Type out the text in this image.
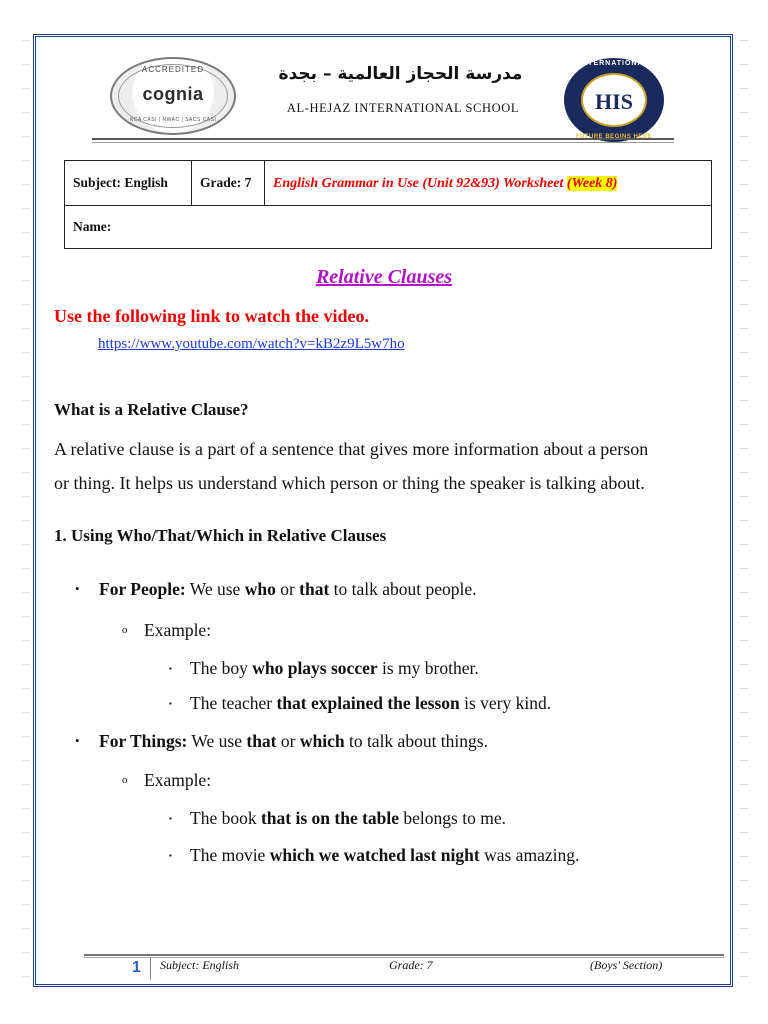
ACCREDITED
cognia
NCA CASI | NWAC | SACS CASI
مدرسة الحجاز العالمية – بجدة
AL-HEJAZ INTERNATIONAL SCHOOL
INTERNATIONAL
HIS
FUTURE BEGINS HERE
Subject: English	Grade: 7	English Grammar in Use (Unit 92&93) Worksheet (Week 8)
Name:
Relative Clauses
Use the following link to watch the video.
https://www.youtube.com/watch?v=kB2z9L5w7ho
What is a Relative Clause?
A relative clause is a part of a sentence that gives more information about a person
or thing. It helps us understand which person or thing the speaker is talking about.
1. Using Who/That/Which in Relative Clauses
• For People: We use who or that to talk about people.
o Example:
▪ The boy who plays soccer is my brother.
▪ The teacher that explained the lesson is very kind.
• For Things: We use that or which to talk about things.
o Example:
▪ The book that is on the table belongs to me.
▪ The movie which we watched last night was amazing.
1 Subject: English	Grade: 7	(Boys' Section)
